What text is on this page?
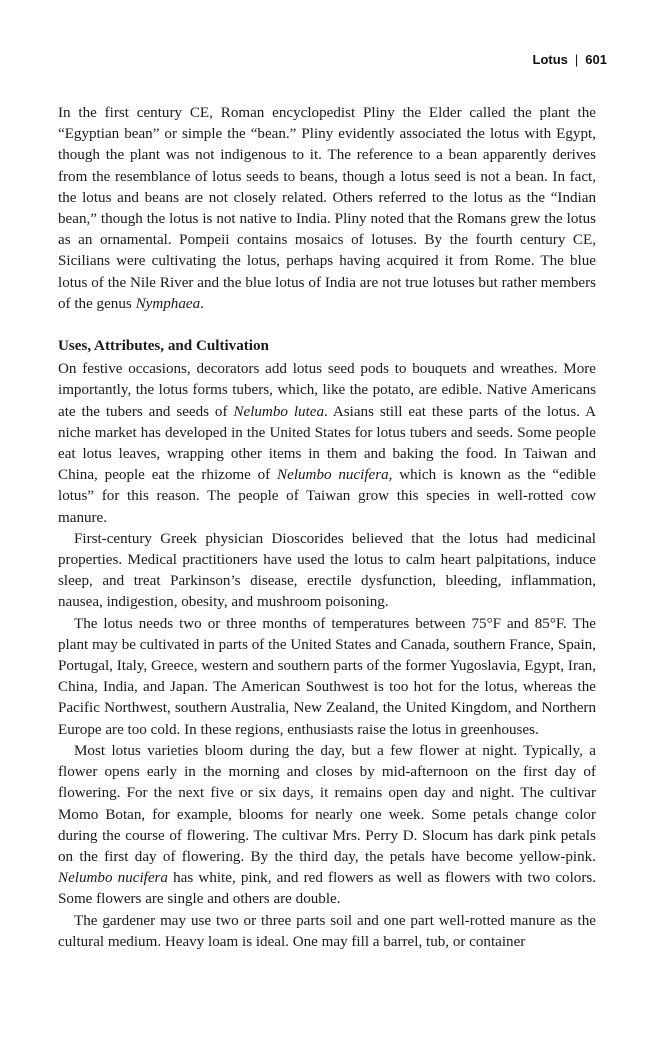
Lotus | 601

In the first century CE, Roman encyclopedist Pliny the Elder called the plant the “Egyptian bean” or simple the “bean.” Pliny evidently associated the lotus with Egypt, though the plant was not indigenous to it. The reference to a bean apparently derives from the resemblance of lotus seeds to beans, though a lotus seed is not a bean. In fact, the lotus and beans are not closely related. Others referred to the lotus as the “Indian bean,” though the lotus is not native to India. Pliny noted that the Romans grew the lotus as an ornamental. Pompeii contains mosaics of lotuses. By the fourth century CE, Sicilians were cultivating the lotus, perhaps having acquired it from Rome. The blue lotus of the Nile River and the blue lotus of India are not true lotuses but rather members of the genus Nymphaea.

Uses, Attributes, and Cultivation

On festive occasions, decorators add lotus seed pods to bouquets and wreathes. More importantly, the lotus forms tubers, which, like the potato, are edible. Native Americans ate the tubers and seeds of Nelumbo lutea. Asians still eat these parts of the lotus. A niche market has developed in the United States for lotus tubers and seeds. Some people eat lotus leaves, wrapping other items in them and baking the food. In Taiwan and China, people eat the rhizome of Nelumbo nucifera, which is known as the “edible lotus” for this reason. The people of Taiwan grow this species in well-rotted cow manure.

First-century Greek physician Dioscorides believed that the lotus had medicinal properties. Medical practitioners have used the lotus to calm heart palpitations, induce sleep, and treat Parkinson’s disease, erectile dysfunction, bleeding, inflammation, nausea, indigestion, obesity, and mushroom poisoning.

The lotus needs two or three months of temperatures between 75°F and 85°F. The plant may be cultivated in parts of the United States and Canada, southern France, Spain, Portugal, Italy, Greece, western and southern parts of the former Yugoslavia, Egypt, Iran, China, India, and Japan. The American Southwest is too hot for the lotus, whereas the Pacific Northwest, southern Australia, New Zealand, the United Kingdom, and Northern Europe are too cold. In these regions, enthusiasts raise the lotus in greenhouses.

Most lotus varieties bloom during the day, but a few flower at night. Typically, a flower opens early in the morning and closes by mid-afternoon on the first day of flowering. For the next five or six days, it remains open day and night. The cultivar Momo Botan, for example, blooms for nearly one week. Some petals change color during the course of flowering. The cultivar Mrs. Perry D. Slocum has dark pink petals on the first day of flowering. By the third day, the petals have become yellow-pink. Nelumbo nucifera has white, pink, and red flowers as well as flowers with two colors. Some flowers are single and others are double.

The gardener may use two or three parts soil and one part well-rotted manure as the cultural medium. Heavy loam is ideal. One may fill a barrel, tub, or container
